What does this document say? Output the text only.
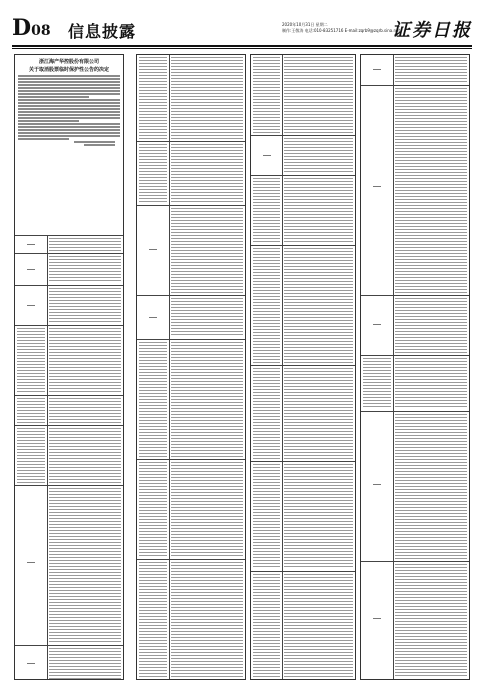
D08 信息披露	2020年10月31日 星期二
制作:王敬涛 电话:010-83251716 E-mail:zqrb9@zqrb.sina.net
证券日报
浙江海产华控股份有限公司
关于取消股票临时保护性公告的决定
